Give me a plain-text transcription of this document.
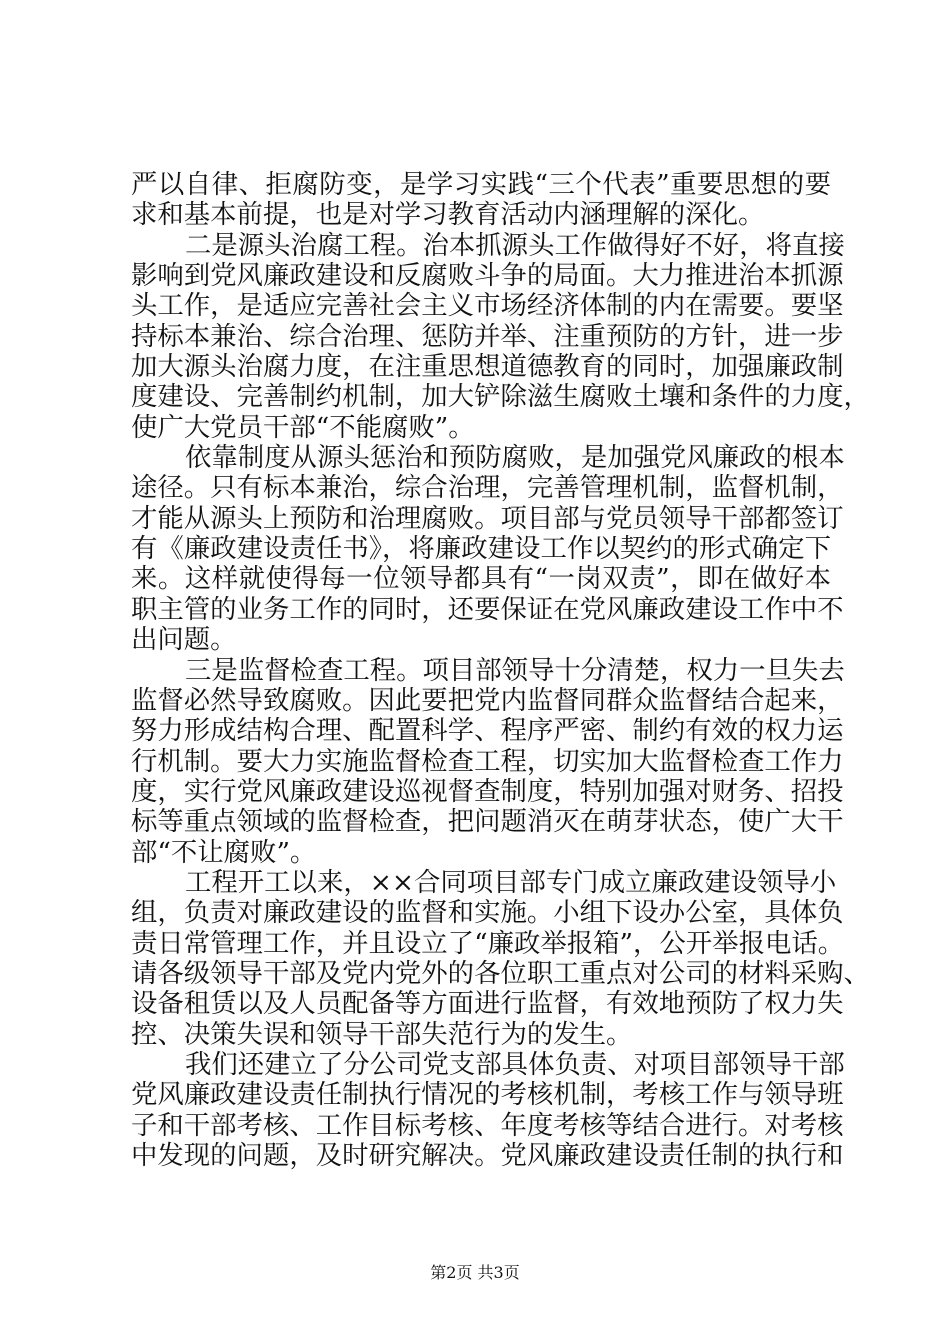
严以自律、拒腐防变，是学习实践“三个代表”重要思想的要
求和基本前提，也是对学习教育活动内涵理解的深化。
二是源头治腐工程。治本抓源头工作做得好不好，将直接
影响到党风廉政建设和反腐败斗争的局面。大力推进治本抓源
头工作，是适应完善社会主义市场经济体制的内在需要。要坚
持标本兼治、综合治理、惩防并举、注重预防的方针，进一步
加大源头治腐力度，在注重思想道德教育的同时，加强廉政制
度建设、完善制约机制，加大铲除滋生腐败土壤和条件的力度，
使广大党员干部“不能腐败”。
依靠制度从源头惩治和预防腐败，是加强党风廉政的根本
途径。只有标本兼治，综合治理，完善管理机制，监督机制，
才能从源头上预防和治理腐败。项目部与党员领导干部都签订
有《廉政建设责任书》，将廉政建设工作以契约的形式确定下
来。这样就使得每一位领导都具有“一岗双责”，即在做好本
职主管的业务工作的同时，还要保证在党风廉政建设工作中不
出问题。
三是监督检查工程。项目部领导十分清楚，权力一旦失去
监督必然导致腐败。因此要把党内监督同群众监督结合起来，
努力形成结构合理、配置科学、程序严密、制约有效的权力运
行机制。要大力实施监督检查工程，切实加大监督检查工作力
度，实行党风廉政建设巡视督查制度，特别加强对财务、招投
标等重点领域的监督检查，把问题消灭在萌芽状态，使广大干
部“不让腐败”。
工程开工以来，××合同项目部专门成立廉政建设领导小
组，负责对廉政建设的监督和实施。小组下设办公室，具体负
责日常管理工作，并且设立了“廉政举报箱”，公开举报电话。
请各级领导干部及党内党外的各位职工重点对公司的材料采购、
设备租赁以及人员配备等方面进行监督，有效地预防了权力失
控、决策失误和领导干部失范行为的发生。
我们还建立了分公司党支部具体负责、对项目部领导干部
党风廉政建设责任制执行情况的考核机制，考核工作与领导班
子和干部考核、工作目标考核、年度考核等结合进行。对考核
中发现的问题，及时研究解决。党风廉政建设责任制的执行和
第2页 共3页
